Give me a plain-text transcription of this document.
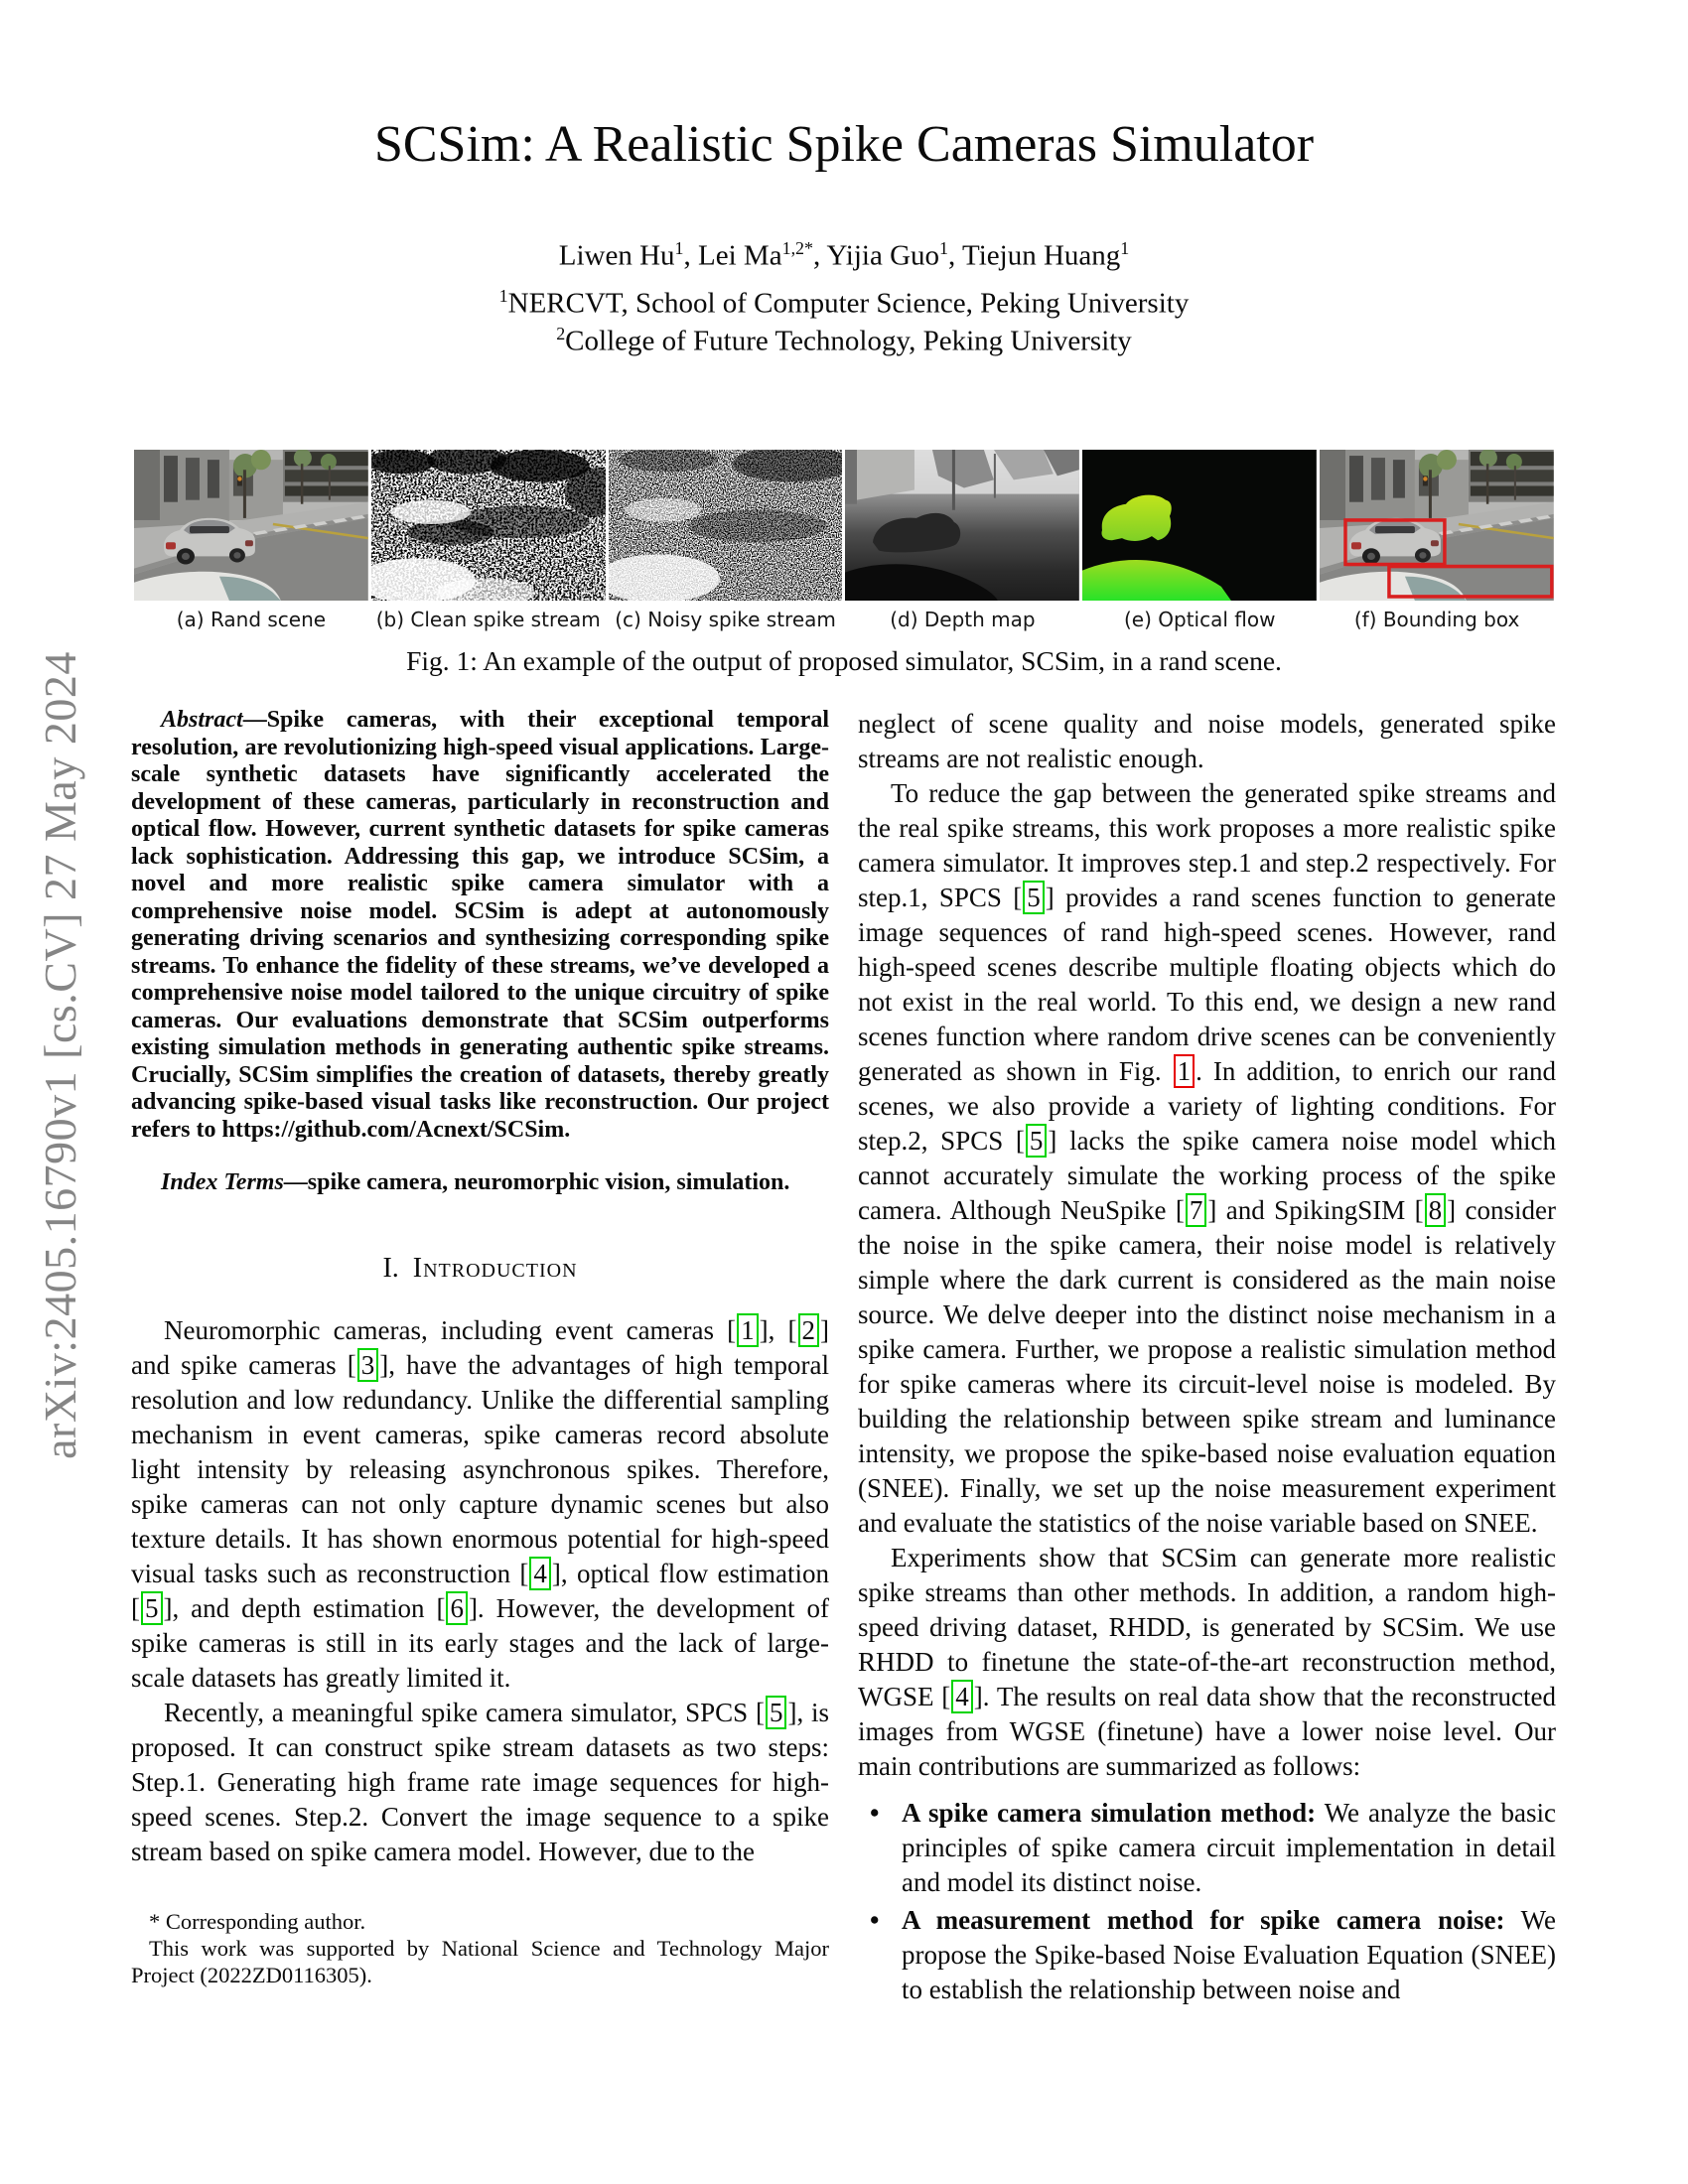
arXiv:2405.16790v1 [cs.CV] 27 May 2024
SCSim: A Realistic Spike Cameras Simulator
Liwen Hu$^1$, Lei $Ma^{1,2*}$, Yijia Guo$^1$, Tiejun Huang$^1$
$^1$NERCVT, School of Computer Science, Peking University
$^2$College of Future Technology, Peking University
(a) Rand scene	(b) Clean spike stream (c) Noisy spike stream	(d) Depth map	(e) Optical flow	(f) Bounding box
Fig. 1: An example of the output of proposed simulator, SCSim, in a rand scene.

Abstract—Spike cameras, with their exceptional temporal resolution, are revolutionizing high-speed visual applications. Large-scale synthetic datasets have significantly accelerated the development of these cameras, particularly in reconstruction and optical flow. However, current synthetic datasets for spike cameras lack sophistication. Addressing this gap, we introduce SCSim, a novel and more realistic spike camera simulator with a comprehensive noise model. SCSim is adept at autonomously generating driving scenarios and synthesizing corresponding spike streams. To enhance the fidelity of these streams, we’ve developed a comprehensive noise model tailored to the unique circuitry of spike cameras. Our evaluations demonstrate that SCSim outperforms existing simulation methods in generating authentic spike streams. Crucially, SCSim simplifies the creation of datasets, thereby greatly advancing spike-based visual tasks like reconstruction. Our project refers to https://github.com/Acnext/SCSim.

Index Terms—spike camera, neuromorphic vision, simulation.

I. Introduction

Neuromorphic cameras, including event cameras [ 1 ], [ 2 ] and spike cameras [ 3 ], have the advantages of high temporal resolution and low redundancy. Unlike the differential sampling mechanism in event cameras, spike cameras record absolute light intensity by releasing asynchronous spikes. Therefore, spike cameras can not only capture dynamic scenes but also texture details. It has shown enormous potential for high-speed visual tasks such as reconstruction [ 4 ], optical flow estimation [ 5 ], and depth estimation [ 6 ]. However, the development of spike cameras is still in its early stages and the lack of large-scale datasets has greatly limited it.

Recently, a meaningful spike camera simulator, SPCS [ 5 ], is proposed. It can construct spike stream datasets as two steps: Step.1. Generating high frame rate image sequences for high-speed scenes. Step.2. Convert the image sequence to a spike stream based on spike camera model. However, due to the

* Corresponding author.

This work was supported by National Science and Technology Major Project (2022ZD0116305).

neglect of scene quality and noise models, generated spike streams are not realistic enough.

To reduce the gap between the generated spike streams and the real spike streams, this work proposes a more realistic spike camera simulator. It improves step.1 and step.2 respectively. For step.1, SPCS [ 5 ] provides a rand scenes function to generate image sequences of rand high-speed scenes. However, rand high-speed scenes describe multiple floating objects which do not exist in the real world. To this end, we design a new rand scenes function where random drive scenes can be conveniently generated as shown in Fig. 1 . In addition, to enrich our rand scenes, we also provide a variety of lighting conditions. For step.2, SPCS [ 5 ] lacks the spike camera noise model which cannot accurately simulate the working process of the spike camera. Although NeuSpike [ 7 ] and SpikingSIM [ 8 ] consider the noise in the spike camera, their noise model is relatively simple where the dark current is considered as the main noise source. We delve deeper into the distinct noise mechanism in a spike camera. Further, we propose a realistic simulation method for spike cameras where its circuit-level noise is modeled. By building the relationship between spike stream and luminance intensity, we propose the spike-based noise evaluation equation (SNEE). Finally, we set up the noise measurement experiment and evaluate the statistics of the noise variable based on SNEE.

Experiments show that SCSim can generate more realistic spike streams than other methods. In addition, a random high-speed driving dataset, RHDD, is generated by SCSim. We use RHDD to finetune the state-of-the-art reconstruction method, WGSE [ 4 ]. The results on real data show that the reconstructed images from WGSE (finetune) have a lower noise level. Our main contributions are summarized as follows:

• A spike camera simulation method: We analyze the basic principles of spike camera circuit implementation in detail and model its distinct noise.
• A measurement method for spike camera noise: We propose the Spike-based Noise Evaluation Equation (SNEE) to establish the relationship between noise and
